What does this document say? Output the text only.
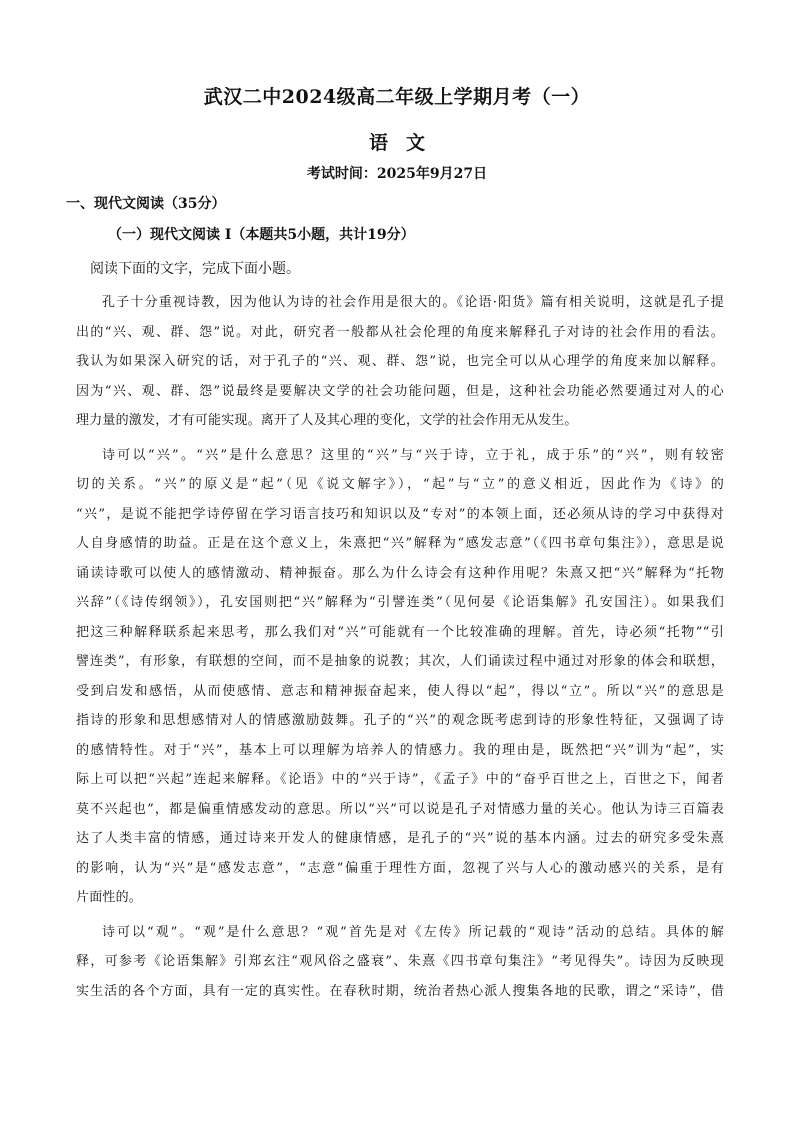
武汉二中2024级高二年级上学期月考（一）
语文
考试时间：2025年9月27日
一、现代文阅读（35分）
（一）现代文阅读 Ⅰ（本题共5小题，共计19分）
阅读下面的文字，完成下面小题。
孔子十分重视诗教，因为他认为诗的社会作用是很大的。《论语·阳货》篇有相关说明，这就是孔子提
出的“兴、观、群、怨”说。对此，研究者一般都从社会伦理的角度来解释孔子对诗的社会作用的看法。
我认为如果深入研究的话，对于孔子的“兴、观、群、怨”说，也完全可以从心理学的角度来加以解释。
因为“兴、观、群、怨”说最终是要解决文学的社会功能问题，但是，这种社会功能必然要通过对人的心
理力量的激发，才有可能实现。离开了人及其心理的变化，文学的社会作用无从发生。
诗可以“兴”。“兴”是什么意思？这里的“兴”与“兴于诗，立于礼，成于乐”的“兴”，则有较密
切的关系。“兴”的原义是“起”（见《说文解字》），“起”与“立”的意义相近，因此作为《诗》的
“兴”，是说不能把学诗停留在学习语言技巧和知识以及“专对”的本领上面，还必须从诗的学习中获得对
人自身感情的助益。正是在这个意义上，朱熹把“兴”解释为“感发志意”（《四书章句集注》），意思是说
诵读诗歌可以使人的感情激动、精神振奋。那么为什么诗会有这种作用呢？朱熹又把“兴”解释为“托物
兴辞”（《诗传纲领》），孔安国则把“兴”解释为“引譬连类”（见何晏《论语集解》孔安国注）。如果我们
把这三种解释联系起来思考，那么我们对“兴”可能就有一个比较准确的理解。首先，诗必须“托物”“引
譬连类”，有形象，有联想的空间，而不是抽象的说教；其次，人们诵读过程中通过对形象的体会和联想，
受到启发和感悟，从而使感情、意志和精神振奋起来，使人得以“起”，得以“立”。所以“兴”的意思是
指诗的形象和思想感情对人的情感激励鼓舞。孔子的“兴”的观念既考虑到诗的形象性特征，又强调了诗
的感情特性。对于“兴”，基本上可以理解为培养人的情感力。我的理由是，既然把“兴”训为“起”，实
际上可以把“兴起”连起来解释。《论语》中的“兴于诗”，《孟子》中的“奋乎百世之上，百世之下，闻者
莫不兴起也”，都是偏重情感发动的意思。所以“兴”可以说是孔子对情感力量的关心。他认为诗三百篇表
达了人类丰富的情感，通过诗来开发人的健康情感，是孔子的“兴”说的基本内涵。过去的研究多受朱熹
的影响，认为“兴”是“感发志意”，“志意”偏重于理性方面，忽视了兴与人心的激动感兴的关系，是有
片面性的。
诗可以“观”。“观”是什么意思？“观”首先是对《左传》所记载的“观诗”活动的总结。具体的解
释，可参考《论语集解》引郑玄注“观风俗之盛衰”、朱熹《四书章句集注》“考见得失”。诗因为反映现
实生活的各个方面，具有一定的真实性。在春秋时期，统治者热心派人搜集各地的民歌，谓之“采诗”，借
